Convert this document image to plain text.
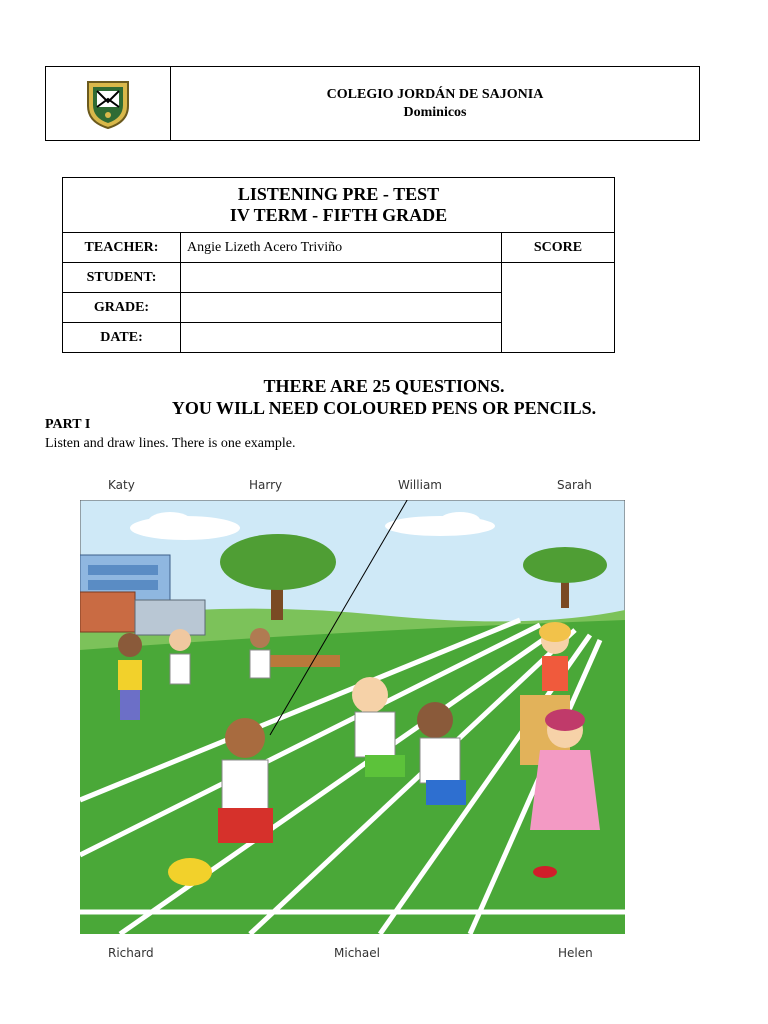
COLEGIO JORDÁN DE SAJONIA
Dominicos
LISTENING PRE - TEST
IV TERM - FIFTH GRADE		

TEACHER:	Angie Lizeth Acero Triviño	SCORE
STUDENT:		
GRADE:		
DATE:		
THERE ARE 25 QUESTIONS.
YOU WILL NEED COLOURED PENS OR PENCILS.
PART I
Listen and draw lines. There is one example.
Katy	Harry	William	Sarah
Richard	Michael	Helen
